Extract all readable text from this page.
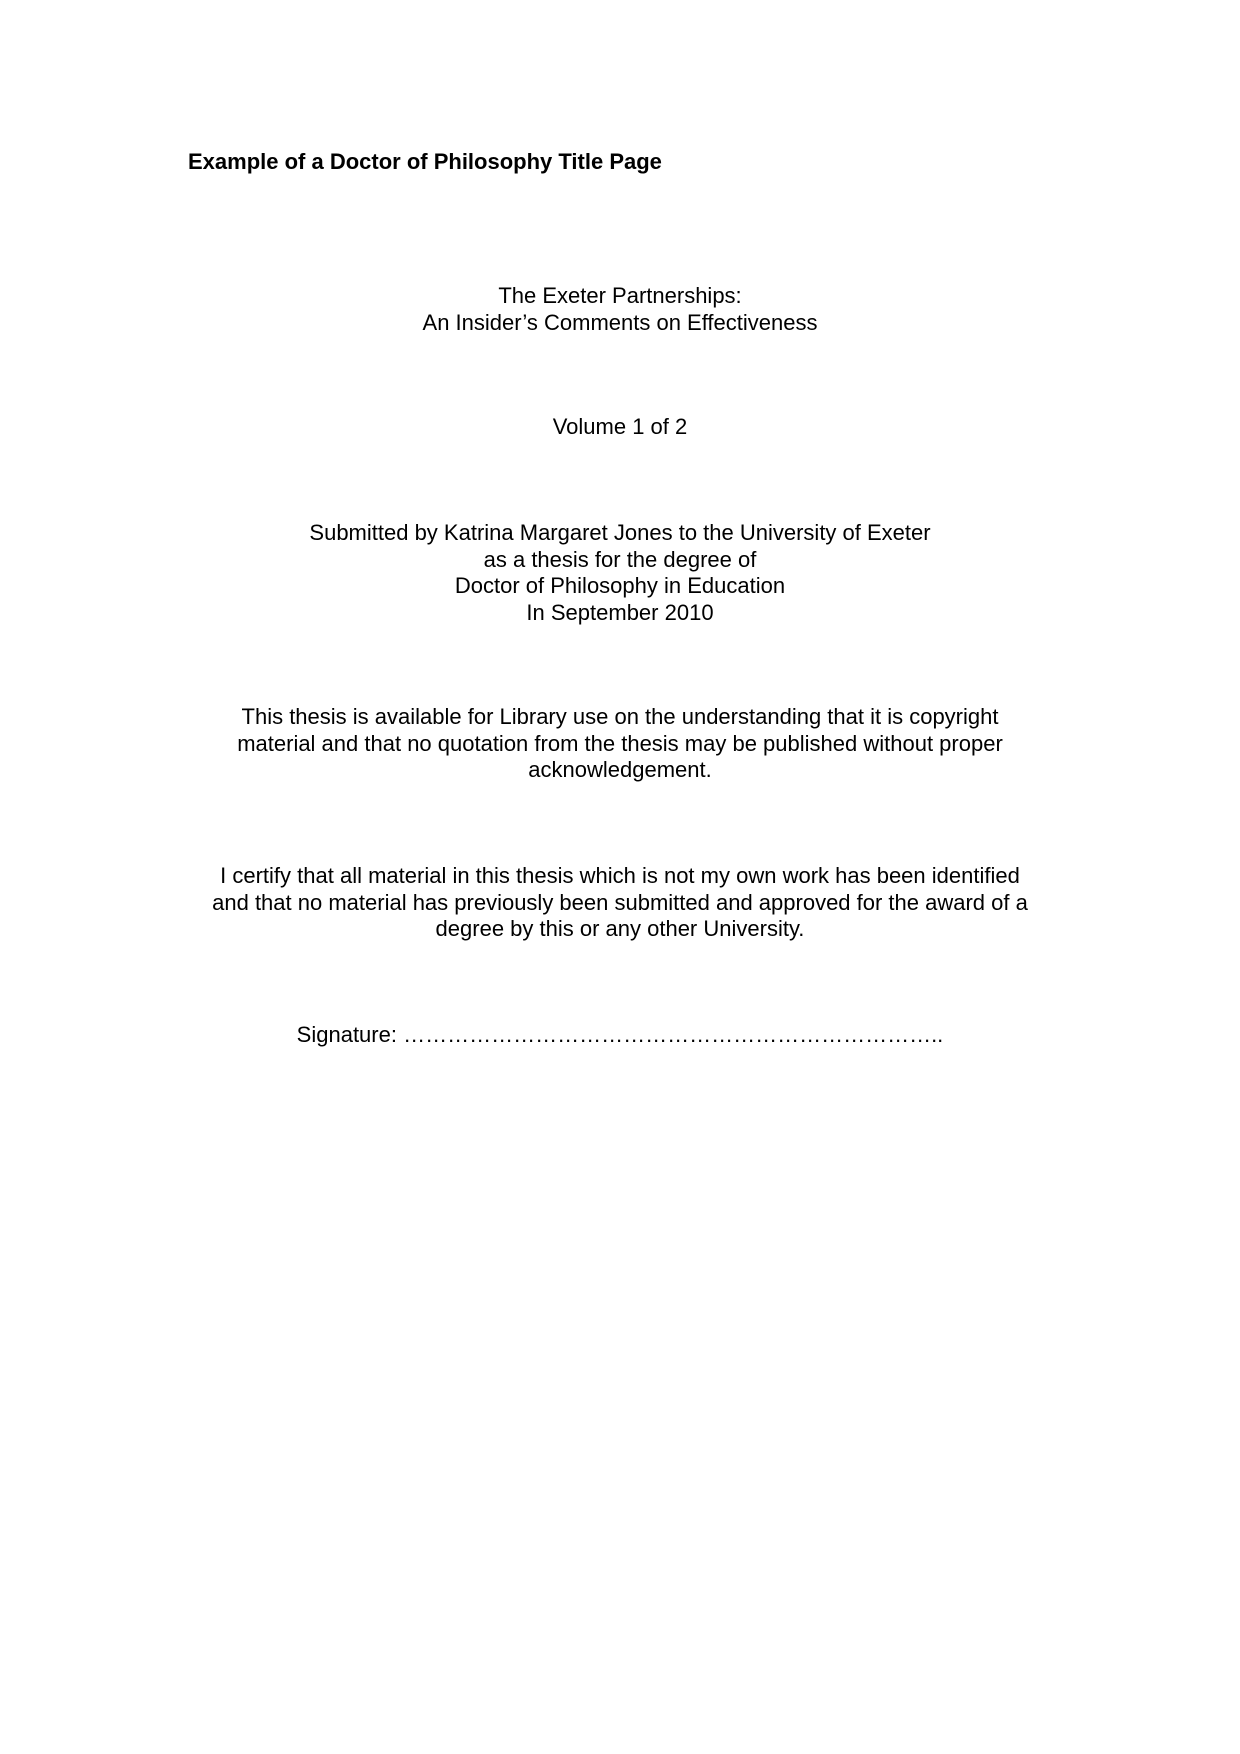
Example of a Doctor of Philosophy Title Page
The Exeter Partnerships:
An Insider’s Comments on Effectiveness
Volume 1 of 2
Submitted by Katrina Margaret Jones to the University of Exeter
as a thesis for the degree of
Doctor of Philosophy in Education
In September 2010
This thesis is available for Library use on the understanding that it is copyright
material and that no quotation from the thesis may be published without proper
acknowledgement.
I certify that all material in this thesis which is not my own work has been identified
and that no material has previously been submitted and approved for the award of a
degree by this or any other University.
Signature: ………………………………………………………………..
